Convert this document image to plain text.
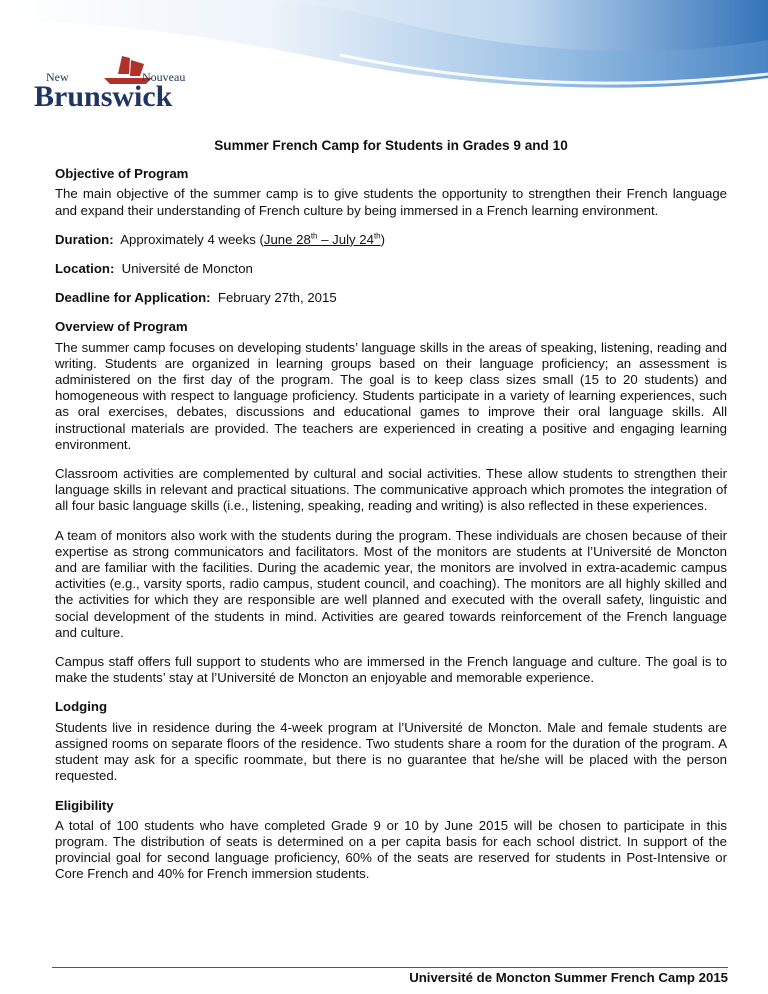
New	Nouveau
Brunswick
Summer French Camp for Students in Grades 9 and 10
Objective of Program

The main objective of the summer camp is to give students the opportunity to strengthen their French language and expand their understanding of French culture by being immersed in a French learning environment.

Duration: Approximately 4 weeks (June 28th – July 24th)
Location: Université de Moncton
Deadline for Application: February 27th, 2015
Overview of Program

The summer camp focuses on developing students’ language skills in the areas of speaking, listening, reading and writing. Students are organized in learning groups based on their language proficiency; an assessment is administered on the first day of the program. The goal is to keep class sizes small (15 to 20 students) and homogeneous with respect to language proficiency. Students participate in a variety of learning experiences, such as oral exercises, debates, discussions and educational games to improve their oral language skills. All instructional materials are provided. The teachers are experienced in creating a positive and engaging learning environment.

Classroom activities are complemented by cultural and social activities. These allow students to strengthen their language skills in relevant and practical situations. The communicative approach which promotes the integration of all four basic language skills (i.e., listening, speaking, reading and writing) is also reflected in these experiences.

A team of monitors also work with the students during the program. These individuals are chosen because of their expertise as strong communicators and facilitators. Most of the monitors are students at l’Université de Moncton and are familiar with the facilities. During the academic year, the monitors are involved in extra-academic campus activities (e.g., varsity sports, radio campus, student council, and coaching). The monitors are all highly skilled and the activities for which they are responsible are well planned and executed with the overall safety, linguistic and social development of the students in mind. Activities are geared towards reinforcement of the French language and culture.

Campus staff offers full support to students who are immersed in the French language and culture. The goal is to make the students’ stay at l’Université de Moncton an enjoyable and memorable experience.

Lodging

Students live in residence during the 4-week program at l’Université de Moncton. Male and female students are assigned rooms on separate floors of the residence. Two students share a room for the duration of the program. A student may ask for a specific roommate, but there is no guarantee that he/she will be placed with the person requested.

Eligibility

A total of 100 students who have completed Grade 9 or 10 by June 2015 will be chosen to participate in this program. The distribution of seats is determined on a per capita basis for each school district. In support of the provincial goal for second language proficiency, 60% of the seats are reserved for students in Post-Intensive or Core French and 40% for French immersion students.

Université de Moncton Summer French Camp 2015
